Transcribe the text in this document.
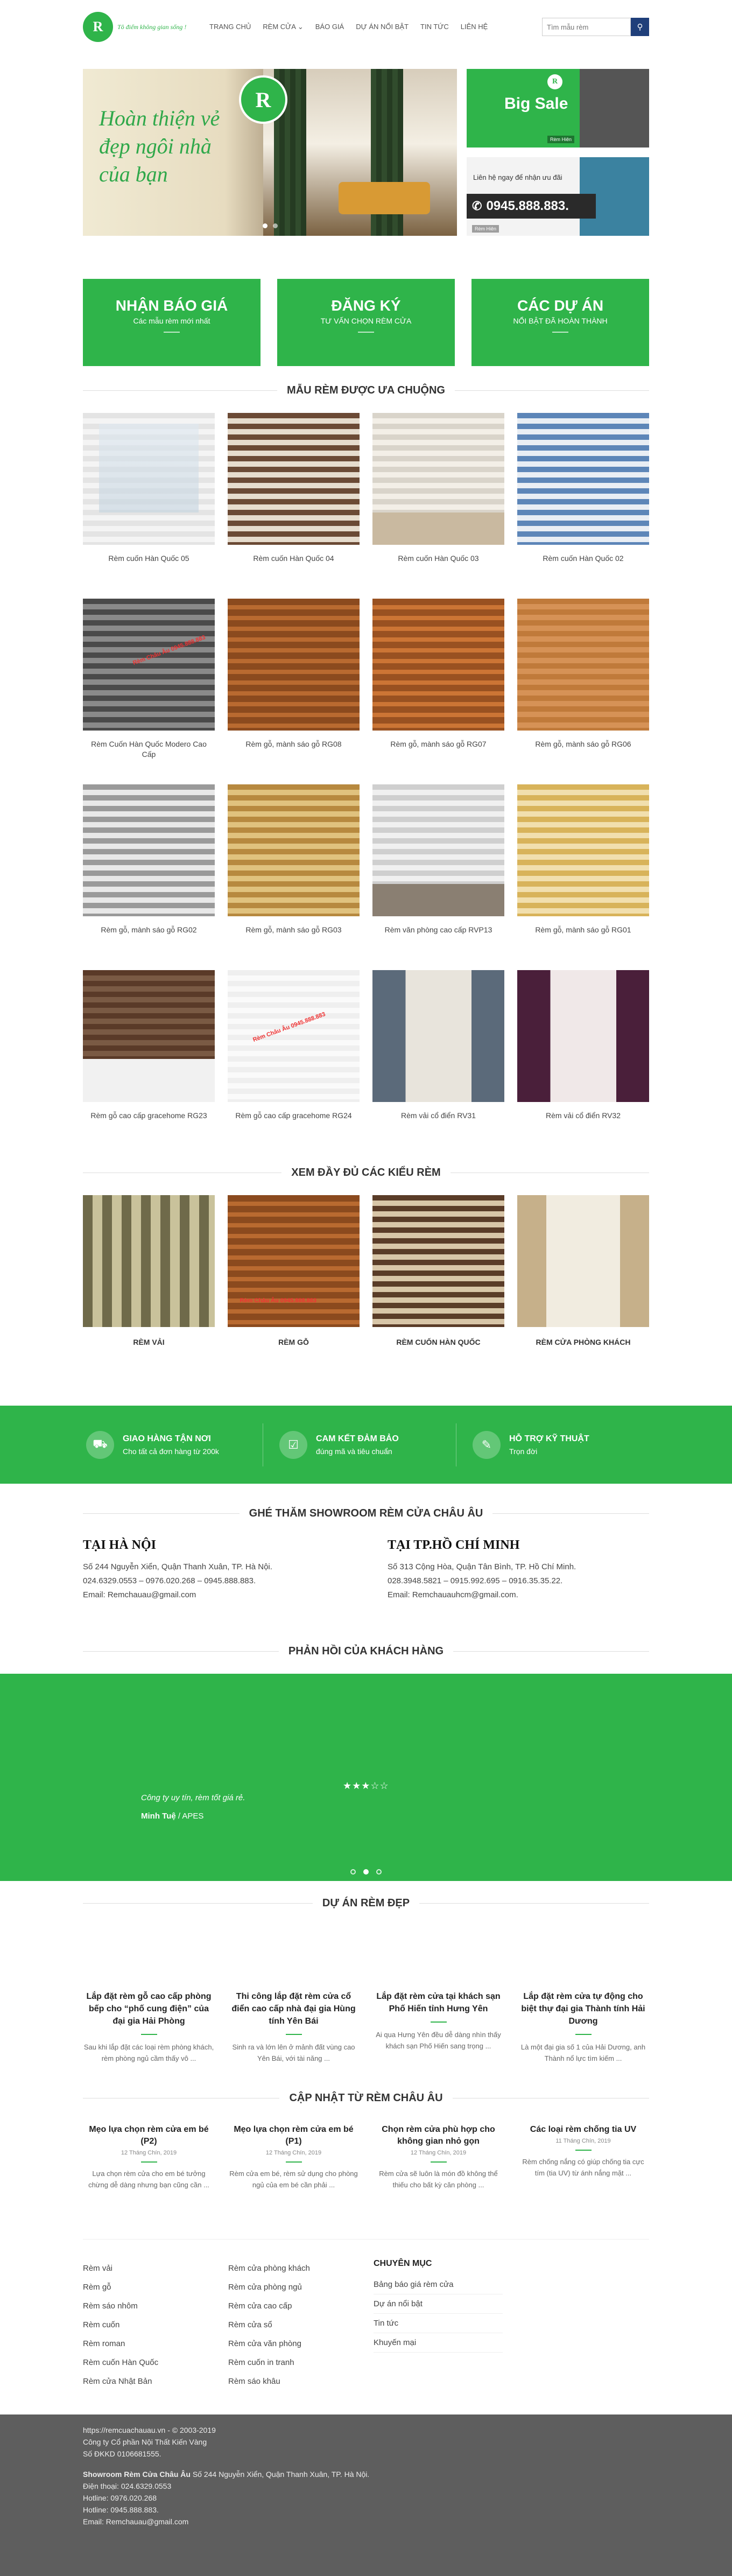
R	Tô điểm không gian sống !	TRANG CHỦ RÈM CỬA ⌄ BÁO GIÁ DỰ ÁN NỔI BẬT TIN TỨC LIÊN HỆ
Tìm mẫu rèm	⚲
Hoàn thiện vẻ đẹp ngôi nhà của bạn
R
R
Big Sale
Rèm Hiên
Liên hệ ngay để nhận ưu đãi
✆ 0945.888.883.
Rèm Hiên
NHẬN BÁO GIÁ

Các mẫu rèm mới nhất

ĐĂNG KÝ

TƯ VẤN CHỌN RÈM CỬA

CÁC DỰ ÁN

NỔI BẬT ĐÃ HOÀN THÀNH

MẪU RÈM ĐƯỢC ƯA CHUỘNG
Rèm cuốn Hàn Quốc 05	Rèm cuốn Hàn Quốc 04	Rèm cuốn Hàn Quốc 03	Rèm cuốn Hàn Quốc 02
Rèm Châu Âu 0945.888.883
Rèm Cuốn Hàn Quốc Modero Cao Cấp
Rèm gỗ, mành sáo gỗ RG08	Rèm gỗ, mành sáo gỗ RG07	Rèm gỗ, mành sáo gỗ RG06
Rèm gỗ, mành sáo gỗ RG02	Rèm gỗ, mành sáo gỗ RG03	Rèm văn phòng cao cấp RVP13	Rèm gỗ, mành sáo gỗ RG01
Rèm gỗ cao cấp gracehome RG23
Rèm Châu Âu 0945.888.883
Rèm gỗ cao cấp gracehome RG24	Rèm vải cổ điển RV31	Rèm vải cổ điển RV32
XEM ĐẦY ĐỦ CÁC KIỂU RÈM
RÈM VẢI
Rèm Châu Âu 0945.888.883
RÈM GỖ	RÈM CUỐN HÀN QUỐC	RÈM CỬA PHÒNG KHÁCH
⛟	GIAO HÀNG TẬN NƠI

Cho tất cả đơn hàng từ 200k	☑	CAM KẾT ĐẢM BẢO

đúng mã và tiêu chuẩn	✎	HỖ TRỢ KỸ THUẬT

Trọn đời

GHÉ THĂM SHOWROOM RÈM CỬA CHÂU ÂU
TẠI HÀ NỘI

Số 244 Nguyễn Xiển, Quận Thanh Xuân, TP. Hà Nội.

024.6329.0553 – 0976.020.268 – 0945.888.883.

Email: Remchauau@gmail.com

TẠI TP.HỒ CHÍ MINH

Số 313 Cộng Hòa, Quận Tân Bình, TP. Hồ Chí Minh.

028.3948.5821 – 0915.992.695 – 0916.35.35.22.

Email: Remchauauhcm@gmail.com.

PHẢN HỒI CỦA KHÁCH HÀNG
★★★☆☆
Công ty uy tín, rèm tốt giá rẻ.
Minh Tuệ / APES
DỰ ÁN RÈM ĐẸP
Lắp đặt rèm gỗ cao cấp phòng bếp cho “phố cung điện” của đại gia Hải Phòng

Sau khi lắp đặt các loại rèm phòng khách, rèm phòng ngủ cầm thấy vô ...

Thi công lắp đặt rèm cửa cổ điển cao cấp nhà đại gia Hùng tính Yên Bái

Sinh ra và lớn lên ở mảnh đất vùng cao Yên Bái, với tài năng ...

Lắp đặt rèm cửa tại khách sạn Phố Hiến tỉnh Hưng Yên

Ai qua Hưng Yên đều dễ dàng nhìn thấy khách sạn Phố Hiến sang trọng ...

Lắp đặt rèm cửa tự động cho biệt thự đại gia Thành tính Hải Dương

Là một đại gia số 1 của Hải Dương, anh Thành nổ lực tìm kiếm ...

CẬP NHẬT TỪ RÈM CHÂU ÂU
Mẹo lựa chọn rèm cửa em bé (P2)
12 Tháng Chín, 2019

Lựa chọn rèm cửa cho em bé tưởng chừng dễ dàng nhưng bạn cũng cần ...

Mẹo lựa chọn rèm cửa em bé (P1)
12 Tháng Chín, 2019

Rèm cửa em bé, rèm sử dụng cho phòng ngủ của em bé cần phải ...

Chọn rèm cửa phù hợp cho không gian nhỏ gọn
12 Tháng Chín, 2019

Rèm cửa sẽ luôn là món đồ không thể thiếu cho bất kỳ căn phòng ...

Các loại rèm chống tia UV
11 Tháng Chín, 2019

Rèm chống nắng có giúp chống tia cực tím (tia UV) từ ánh nắng mặt ...

Rèm vải
Rèm gỗ
Rèm sáo nhôm
Rèm cuốn
Rèm roman
Rèm cuốn Hàn Quốc
Rèm cửa Nhật Bản
Rèm cửa phòng khách
Rèm cửa phòng ngủ
Rèm cửa cao cấp
Rèm cửa sổ
Rèm cửa văn phòng
Rèm cuốn in tranh
Rèm sáo khâu
CHUYÊN MỤC
Bảng báo giá rèm cửa
Dự án nổi bật
Tin tức
Khuyến mại

https://remcuachauau.vn - © 2003-2019

Công ty Cổ phần Nội Thất Kiến Vàng

Số ĐKKD 0106681555.

Showroom Rèm Cửa Châu Âu Số 244 Nguyễn Xiển, Quận Thanh Xuân, TP. Hà Nội.

Điện thoại: 024.6329.0553

Hotline: 0976.020.268

Hotline: 0945.888.883.

Email: Remchauau@gmail.com
